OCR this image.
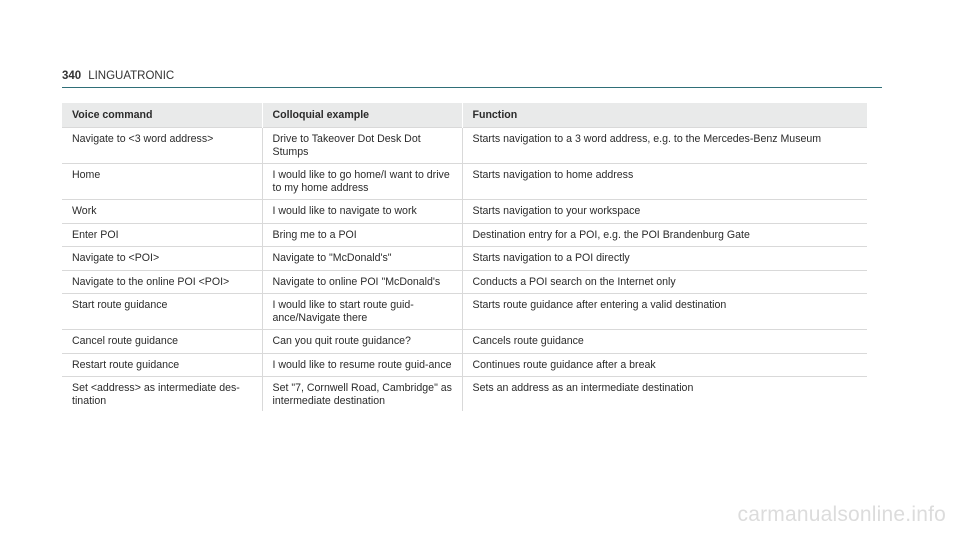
340 LINGUATRONIC
Voice command	Colloquial example	Function
Navigate to <3 word address>	Drive to Takeover Dot Desk Dot Stumps	Starts navigation to a 3 word address, e.g. to the Mercedes-Benz Museum
Home	I would like to go home/I want to drive to my home address	Starts navigation to home address
Work	I would like to navigate to work	Starts navigation to your workspace
Enter POI	Bring me to a POI	Destination entry for a POI, e.g. the POI Brandenburg Gate
Navigate to <POI>	Navigate to "McDonald's"	Starts navigation to a POI directly
Navigate to the online POI <POI>	Navigate to online POI "McDonald's	Conducts a POI search on the Internet only
Start route guidance	I would like to start route guid-ance/Navigate there	Starts route guidance after entering a valid destination
Cancel route guidance	Can you quit route guidance?	Cancels route guidance
Restart route guidance	I would like to resume route guid-ance	Continues route guidance after a break
Set <address> as intermediate des-tination	Set "7, Cornwell Road, Cambridge" as intermediate destination	Sets an address as an intermediate destination
carmanualsonline.info
